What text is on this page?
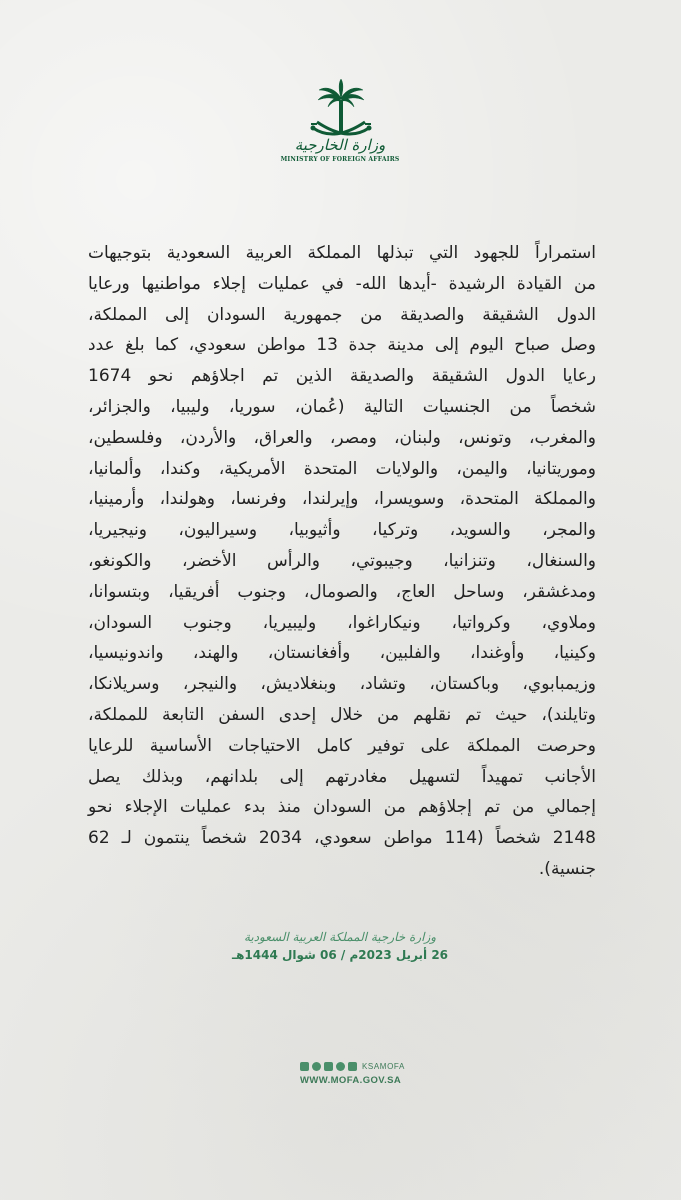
وزارة الخارجية
MINISTRY OF FOREIGN AFFAIRS
استمراراً للجهود التي تبذلها المملكة العربية السعودية بتوجيهات
من القيادة الرشيدة -أيدها الله- في عمليات إجلاء مواطنيها ورعايا
الدول الشقيقة والصديقة من جمهورية السودان إلى المملكة،
وصل صباح اليوم إلى مدينة جدة 13 مواطن سعودي، كما بلغ عدد
رعايا الدول الشقيقة والصديقة الذين تم اجلاؤهم نحو 1674
شخصاً من الجنسيات التالية (عُمان، سوريا، وليبيا، والجزائر،
والمغرب، وتونس، ولبنان، ومصر، والعراق، والأردن، وفلسطين،
وموريتانيا، واليمن، والولايات المتحدة الأمريكية، وكندا، وألمانيا،
والمملكة المتحدة، وسويسرا، وإيرلندا، وفرنسا، وهولندا، وأرمينيا،
والمجر، والسويد، وتركيا، وأثيوبيا، وسيراليون، ونيجيريا،
والسنغال، وتنزانيا، وجيبوتي، والرأس الأخضر، والكونغو،
ومدغشقر، وساحل العاج، والصومال، وجنوب أفريقيا، وبتسوانا،
وملاوي، وكرواتيا، ونيكاراغوا، وليبيريا، وجنوب السودان،
وكينيا، وأوغندا، والفلبين، وأفغانستان، والهند، واندونيسيا،
وزيمبابوي، وباكستان، وتشاد، وبنغلاديش، والنيجر، وسريلانكا،
وتايلند)، حيث تم نقلهم من خلال إحدى السفن التابعة للمملكة،
وحرصت المملكة على توفير كامل الاحتياجات الأساسية للرعايا
الأجانب تمهيداً لتسهيل مغادرتهم إلى بلدانهم، وبذلك يصل
إجمالي من تم إجلاؤهم من السودان منذ بدء عمليات الإجلاء نحو
2148 شخصاً (114 مواطن سعودي، 2034 شخصاً ينتمون لـ 62
جنسية).
وزارة خارجية المملكة العربية السعودية
26 أبريل 2023م / 06 شوال 1444هـ
KSAMOFA
WWW.MOFA.GOV.SA
